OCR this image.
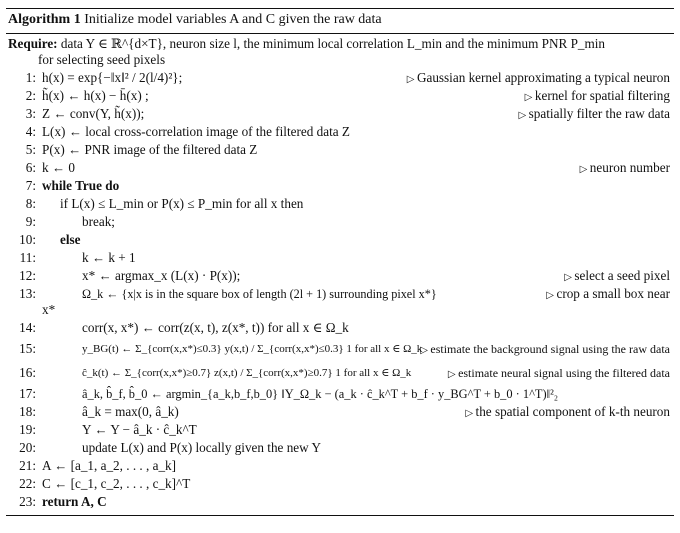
Algorithm 1 Initialize model variables A and C given the raw data
Require: data Y ∈ ℝ^{d×T}, neuron size l, the minimum local correlation L_min and the minimum PNR P_min
for selecting seed pixels
1: h(x) = exp{−‖x‖² / 2(l/4)²};	▷ Gaussian kernel approximating a typical neuron
2: h̃(x) ← h(x) − h̄(x) ;	▷ kernel for spatial filtering
3: Z ← conv(Y, h̃(x));	▷ spatially filter the raw data
4: L(x) ← local cross-correlation image of the filtered data Z
5: P(x) ← PNR image of the filtered data Z
6: k ← 0	▷ neuron number
7: while True do
8: if L(x) ≤ L_min or P(x) ≤ P_min for all x then
9:	break;
10: else
11:	k ← k + 1
12:	x* ← argmax_x (L(x) · P(x));	▷ select a seed pixel
13:	Ω_k ← {x|x is in the square box of length (2l + 1) surrounding pixel x*}	▷ crop a small box near
x*
14:	corr(x, x*) ← corr(z(x, t), z(x*, t)) for all x ∈ Ω_k
15:	y_BG(t) ← Σ_{corr(x,x*)≤0.3} y(x,t) / Σ_{corr(x,x*)≤0.3} 1 for all x ∈ Ω_k
▷ estimate the background signal using the raw data
16:	ĉ_k(t) ← Σ_{corr(x,x*)≥0.7} z(x,t) / Σ_{corr(x,x*)≥0.7} 1 for all x ∈ Ω_k	▷ estimate neural signal using the filtered data
17:	â_k, b̂_f, b̂_0 ← argmin_{a_k,b_f,b_0} ‖Y_Ω_k − (a_k · ĉ_k^T + b_f · y_BG^T + b_0 · 1^T)‖²₂
18:	â_k = max(0, â_k)	▷ the spatial component of k-th neuron
19:	Y ← Y − â_k · ĉ_k^T
20:	update L(x) and P(x) locally given the new Y
21: A ← [a_1, a_2, . . . , a_k]
22: C ← [c_1, c_2, . . . , c_k]^T
23: return A, C
